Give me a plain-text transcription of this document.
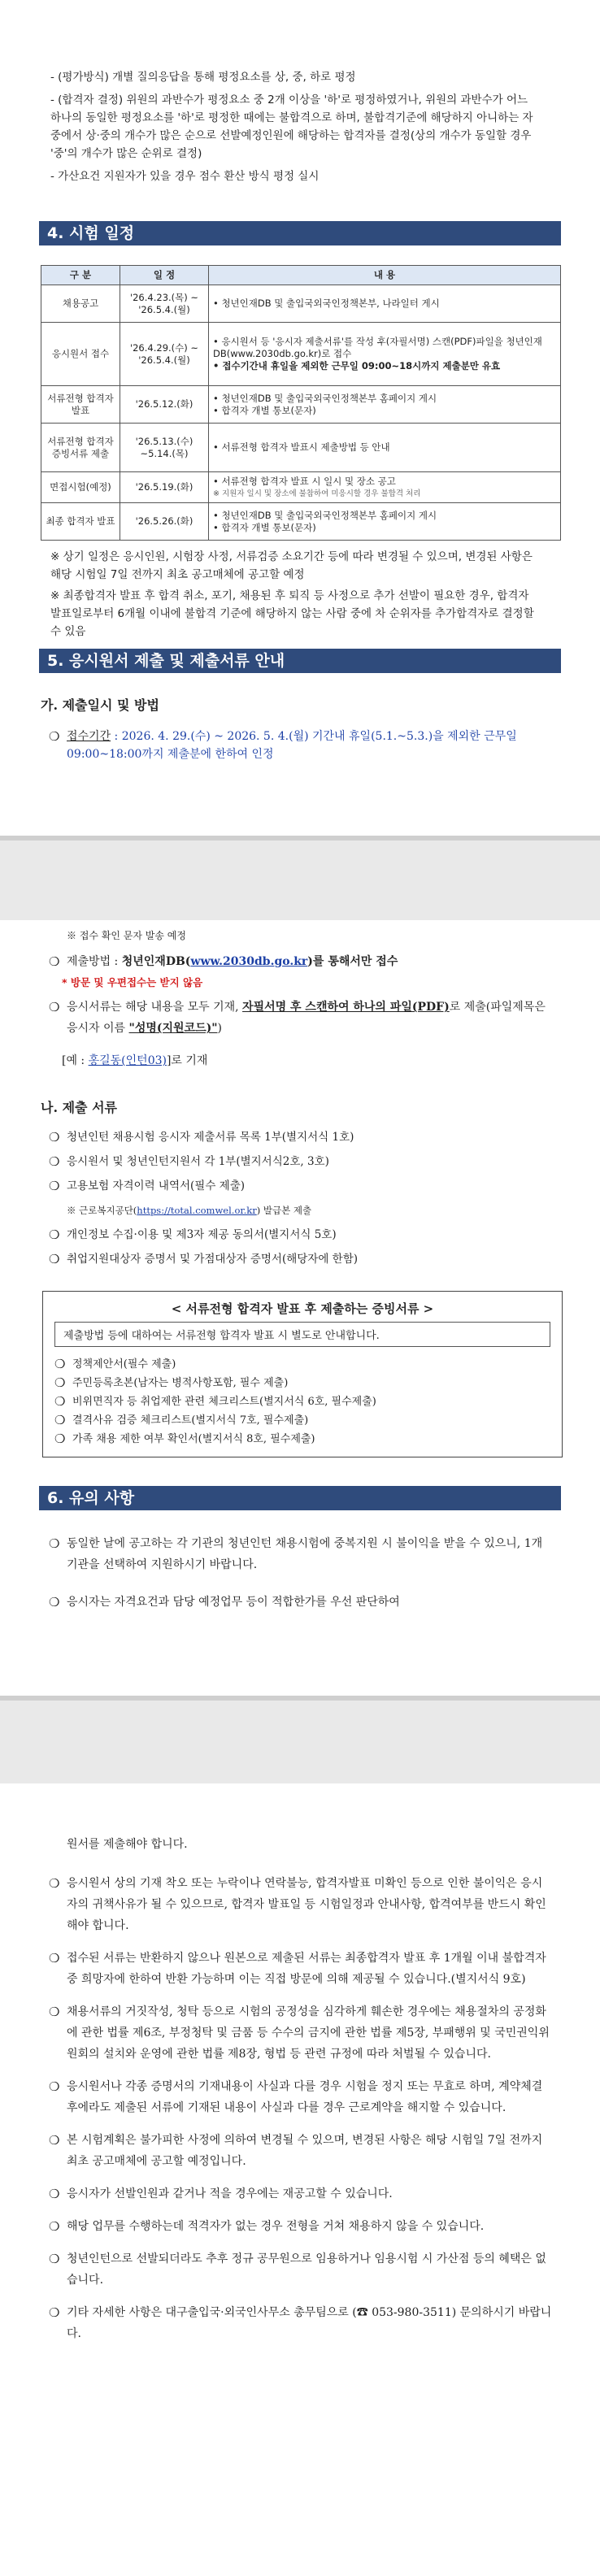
- (평가방식) 개별 질의응답을 통해 평정요소를 상, 중, 하로 평정
- (합격자 결정) 위원의 과반수가 평정요소 중 2개 이상을 '하'로 평정하였거나, 위원의 과반수가 어느 하나의 동일한 평정요소를 '하'로 평정한 때에는 불합격으로 하며, 불합격기준에 해당하지 아니하는 자 중에서 상·중의 개수가 많은 순으로 선발예정인원에 해당하는 합격자를 결정(상의 개수가 동일할 경우 '중'의 개수가 많은 순위로 결정)
- 가산요건 지원자가 있을 경우 점수 환산 방식 평정 실시
4. 시험 일정
구 분	일 정	내 용
채용공고	'26.4.23.(목) ~ '26.5.4.(월)	• 청년인재DB 및 출입국외국인정책본부, 나라일터 게시
응시원서 접수	'26.4.29.(수) ~ '26.5.4.(월)	• 응시원서 등 '응시자 제출서류'를 작성 후(자필서명) 스캔(PDF)파일을 청년인재DB(www.2030db.go.kr)로 접수
• 접수기간내 휴일을 제외한 근무일 09:00~18시까지 제출분만 유효

서류전형 합격자 발표	'26.5.12.(화)	• 청년인재DB 및 출입국외국인정책본부 홈페이지 게시
• 합격자 개별 통보(문자)

서류전형 합격자 증빙서류 제출	'26.5.13.(수) ~5.14.(목)	• 서류전형 합격자 발표시 제출방법 등 안내
면접시험(예정)	'26.5.19.(화)	• 서류전형 합격자 발표 시 일시 및 장소 공고
※ 지원자 일시 및 장소에 불참하여 미응시할 경우 불합격 처리

최종 합격자 발표	'26.5.26.(화)	• 청년인재DB 및 출입국외국인정책본부 홈페이지 게시
• 합격자 개별 통보(문자)
※ 상기 일정은 응시인원, 시험장 사정, 서류검증 소요기간 등에 따라 변경될 수 있으며, 변경된 사항은 해당 시험일 7일 전까지 최초 공고매체에 공고할 예정
※ 최종합격자 발표 후 합격 취소, 포기, 채용된 후 퇴직 등 사정으로 추가 선발이 필요한 경우, 합격자 발표일로부터 6개월 이내에 불합격 기준에 해당하지 않는 사람 중에 차 순위자를 추가합격자로 결정할 수 있음
5. 응시원서 제출 및 제출서류 안내
가. 제출일시 및 방법
❍ 접수기간 : 2026. 4. 29.(수) ~ 2026. 5. 4.(월) 기간내 휴일(5.1.~5.3.)을 제외한 근무일 09:00~18:00까지 제출분에 한하여 인정
※ 접수 확인 문자 발송 예정
❍ 제출방법 : 청년인재DB(www.2030db.go.kr)를 통해서만 접수
* 방문 및 우편접수는 받지 않음
❍ 응시서류는 해당 내용을 모두 기재, 자필서명 후 스캔하여 하나의 파일(PDF)로 제출(파일제목은 응시자 이름 "성명(지원코드)")
[예 : 홍길동(인턴03)]로 기재
나. 제출 서류
❍ 청년인턴 채용시험 응시자 제출서류 목록 1부(별지서식 1호)
❍ 응시원서 및 청년인턴지원서 각 1부(별지서식2호, 3호)
❍ 고용보험 자격이력 내역서(필수 제출)
※ 근로복지공단(https://total.comwel.or.kr) 발급본 제출
❍ 개인정보 수집·이용 및 제3자 제공 동의서(별지서식 5호)
❍ 취업지원대상자 증명서 및 가점대상자 증명서(해당자에 한함)
< 서류전형 합격자 발표 후 제출하는 증빙서류 >
제출방법 등에 대하여는 서류전형 합격자 발표 시 별도로 안내합니다.
❍ 정책제안서(필수 제출)
❍ 주민등록초본(남자는 병적사항포함, 필수 제출)
❍ 비위면직자 등 취업제한 관련 체크리스트(별지서식 6호, 필수제출)
❍ 결격사유 검증 체크리스트(별지서식 7호, 필수제출)
❍ 가족 채용 제한 여부 확인서(별지서식 8호, 필수제출)
6. 유의 사항
❍ 동일한 날에 공고하는 각 기관의 청년인턴 채용시험에 중복지원 시 불이익을 받을 수 있으니, 1개 기관을 선택하여 지원하시기 바랍니다.
❍ 응시자는 자격요건과 담당 예정업무 등이 적합한가를 우선 판단하여
원서를 제출해야 합니다.
❍ 응시원서 상의 기재 착오 또는 누락이나 연락불능, 합격자발표 미확인 등으로 인한 불이익은 응시자의 귀책사유가 될 수 있으므로, 합격자 발표일 등 시험일정과 안내사항, 합격여부를 반드시 확인해야 합니다.
❍ 접수된 서류는 반환하지 않으나 원본으로 제출된 서류는 최종합격자 발표 후 1개월 이내 불합격자 중 희망자에 한하여 반환 가능하며 이는 직접 방문에 의해 제공될 수 있습니다.(별지서식 9호)
❍ 채용서류의 거짓작성, 청탁 등으로 시험의 공정성을 심각하게 훼손한 경우에는 채용절차의 공정화에 관한 법률 제6조, 부정청탁 및 금품 등 수수의 금지에 관한 법률 제5장, 부패행위 및 국민권익위원회의 설치와 운영에 관한 법률 제8장, 형법 등 관련 규정에 따라 처벌될 수 있습니다.
❍ 응시원서나 각종 증명서의 기재내용이 사실과 다를 경우 시험을 정지 또는 무효로 하며, 계약체결 후에라도 제출된 서류에 기재된 내용이 사실과 다를 경우 근로계약을 해지할 수 있습니다.
❍ 본 시험계획은 불가피한 사정에 의하여 변경될 수 있으며, 변경된 사항은 해당 시험일 7일 전까지 최초 공고매체에 공고할 예정입니다.
❍ 응시자가 선발인원과 같거나 적을 경우에는 재공고할 수 있습니다.
❍ 해당 업무를 수행하는데 적격자가 없는 경우 전형을 거쳐 채용하지 않을 수 있습니다.
❍ 청년인턴으로 선발되더라도 추후 정규 공무원으로 임용하거나 임용시험 시 가산점 등의 혜택은 없습니다.
❍ 기타 자세한 사항은 대구출입국·외국인사무소 총무팀으로 (☎ 053-980-3511) 문의하시기 바랍니다.
